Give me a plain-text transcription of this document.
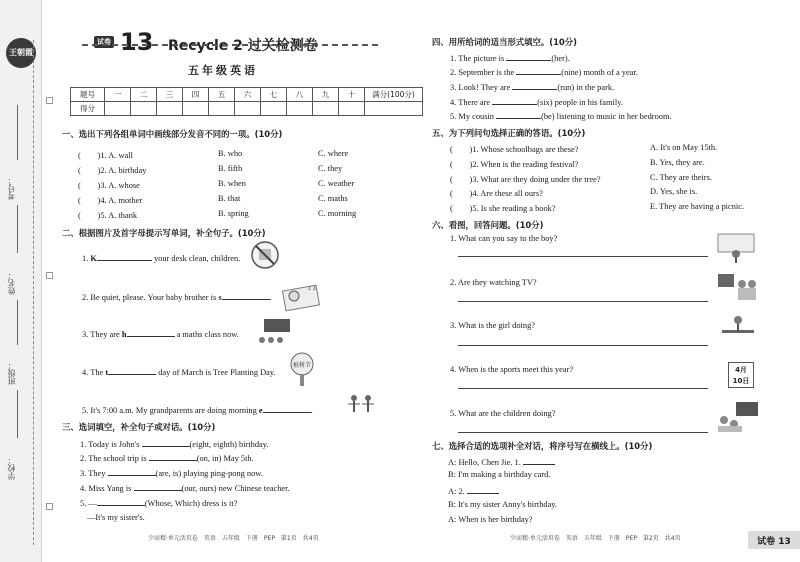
王朝霞
考号：
姓名：
班级：
学校：
试卷 13 Recycle 2 过关检测卷
五年级英语
题号	一	二	三	四	五	六	七	八	九	十	满分(100分)
得分											
一、选出下列各组单词中画线部分发音不同的一项。(10分)
(　　)1. A. wall	B. who	C. where
(　　)2. A. birthday	B. fifth	C. they
(　　)3. A. whose	B. when	C. weather
(　　)4. A. mother	B. that	C. maths
(　　)5. A. thank	B. spring	C. morning
二、根据图片及首字母提示写单词，补全句子。(10分)
1. K	your desk clean, children.
2. Be quiet, please. Your baby brother is s	.
3. They are h	a maths class now.
4. The t	day of March is Tree Planting Day.
5. It's 7:00 a.m. My grandparents are doing morning e	.
z z
植树节
三、选词填空，补全句子或对话。(10分)
1. Today is John's	(eight, eighth) birthday.
2. The school trip is	(on, in) May 5th.
3. They	(are, is) playing ping-pong now.
4. Miss Yang is	(our, ours) new Chinese teacher.
5. —	(Whose, Which) dress is it?
—It's my sister's.
少而精·单元活页卷　英语　五年级　下册　PEP　第1页　共4页
四、用所给词的适当形式填空。(10分)
1. The picture is	(her).
2. September is the	(nine) month of a year.
3. Look! They are	(run) in the park.
4. There are	(six) people in his family.
5. My cousin	(be) listening to music in her bedroom.
五、为下列问句选择正确的答语。(10分)
(　　)1. Whose schoolbags are these?	A. It's on May 15th.
(　　)2. When is the reading festival?	B. Yes, they are.
(　　)3. What are they doing under the tree?	C. They are theirs.
(　　)4. Are these all ours?	D. Yes, she is.
(　　)5. Is she reading a book?	E. They are having a picnic.
六、看图，回答问题。(10分)
1. What can you say to the boy?
2. Are they watching TV?
3. What is the girl doing?
4. When is the sports meet this year?
5. What are the children doing?
4月
10日
七、选择合适的选项补全对话，将序号写在横线上。(10分)
A: Hello, Chen Jie. 1.
B: I'm making a birthday card.
A: 2.
B: It's my sister Anny's birthday.
A: When is her birthday?
少而精·单元活页卷　英语　五年级　下册　PEP　第2页　共4页	试卷 13
